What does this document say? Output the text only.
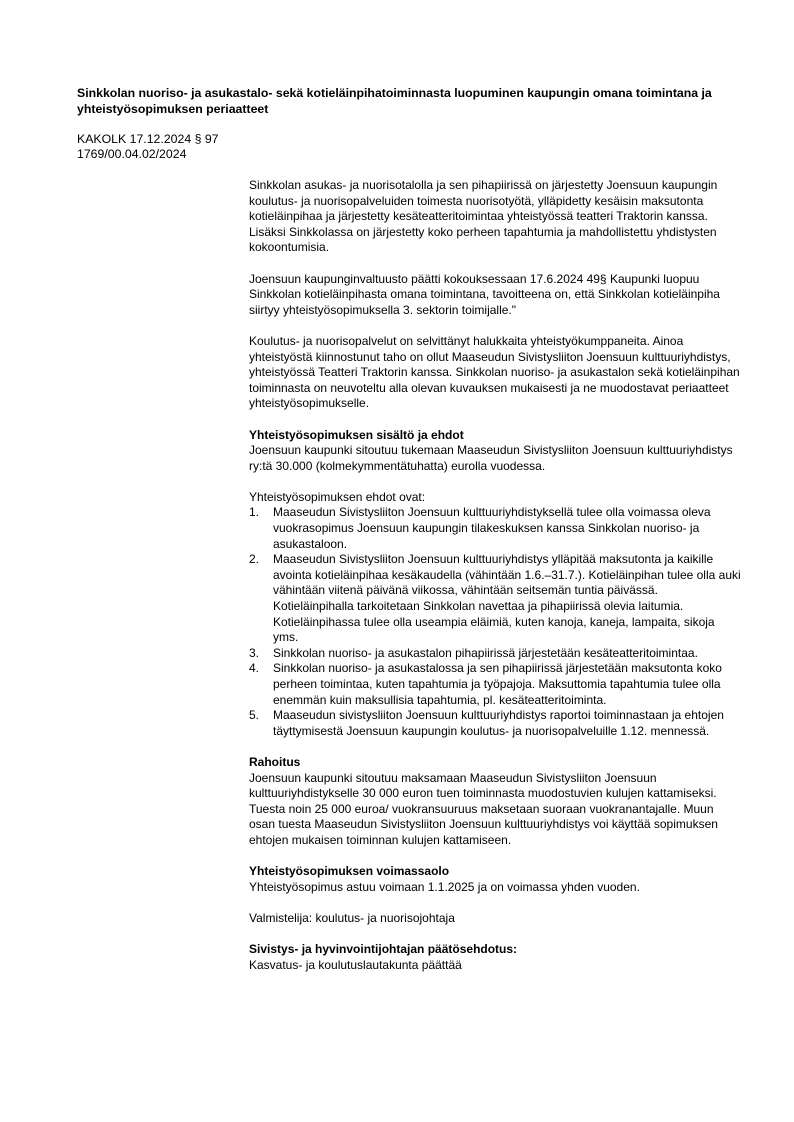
Sinkkolan nuoriso- ja asukastalo- sekä kotieläinpihatoiminnasta luopuminen kaupungin omana toimintana ja yhteistyösopimuksen periaatteet
KAKOLK 17.12.2024 § 97
1769/00.04.02/2024

Sinkkolan asukas- ja nuorisotalolla ja sen pihapiirissä on järjestetty Joensuun kaupungin koulutus- ja nuorisopalveluiden toimesta nuorisotyötä, ylläpidetty kesäisin maksutonta kotieläinpihaa ja järjestetty kesäteatteritoimintaa yhteistyössä teatteri Traktorin kanssa. Lisäksi Sinkkolassa on järjestetty koko perheen tapahtumia ja mahdollistettu yhdistysten kokoontumisia.

Joensuun kaupunginvaltuusto päätti kokouksessaan 17.6.2024 49§ Kaupunki luopuu Sinkkolan kotieläinpihasta omana toimintana, tavoitteena on, että Sinkkolan kotieläinpiha siirtyy yhteistyösopimuksella 3. sektorin toimijalle."

Koulutus- ja nuorisopalvelut on selvittänyt halukkaita yhteistyökumppaneita. Ainoa yhteistyöstä kiinnostunut taho on ollut Maaseudun Sivistysliiton Joensuun kulttuuriyhdistys, yhteistyössä Teatteri Traktorin kanssa. Sinkkolan nuoriso- ja asukastalon sekä kotieläinpihan toiminnasta on neuvoteltu alla olevan kuvauksen mukaisesti ja ne muodostavat periaatteet yhteistyösopimukselle.

Yhteistyösopimuksen sisältö ja ehdot

Joensuun kaupunki sitoutuu tukemaan Maaseudun Sivistysliiton Joensuun kulttuuriyhdistys ry:tä 30.000 (kolmekymmentätuhatta) eurolla vuodessa.

Yhteistyösopimuksen ehdot ovat:

1. Maaseudun Sivistysliiton Joensuun kulttuuriyhdistyksellä tulee olla voimassa oleva vuokrasopimus Joensuun kaupungin tilakeskuksen kanssa Sinkkolan nuoriso- ja asukastaloon.
2. Maaseudun Sivistysliiton Joensuun kulttuuriyhdistys ylläpitää maksutonta ja kaikille avointa kotieläinpihaa kesäkaudella (vähintään 1.6.–31.7.). Kotieläinpihan tulee olla auki vähintään viitenä päivänä viikossa, vähintään seitsemän tuntia päivässä. Kotieläinpihalla tarkoitetaan Sinkkolan navettaa ja pihapiirissä olevia laitumia. Kotieläinpihassa tulee olla useampia eläimiä, kuten kanoja, kaneja, lampaita, sikoja yms.
3. Sinkkolan nuoriso- ja asukastalon pihapiirissä järjestetään kesäteatteritoimintaa.
4. Sinkkolan nuoriso- ja asukastalossa ja sen pihapiirissä järjestetään maksutonta koko perheen toimintaa, kuten tapahtumia ja työpajoja. Maksuttomia tapahtumia tulee olla enemmän kuin maksullisia tapahtumia, pl. kesäteatteritoiminta.
5. Maaseudun sivistysliiton Joensuun kulttuuriyhdistys raportoi toiminnastaan ja ehtojen täyttymisestä Joensuun kaupungin koulutus- ja nuorisopalveluille 1.12. mennessä.

Rahoitus

Joensuun kaupunki sitoutuu maksamaan Maaseudun Sivistysliiton Joensuun kulttuuriyhdistykselle 30 000 euron tuen toiminnasta muodostuvien kulujen kattamiseksi. Tuesta noin 25 000 euroa/ vuokransuuruus maksetaan suoraan vuokranantajalle. Muun osan tuesta Maaseudun Sivistysliiton Joensuun kulttuuriyhdistys voi käyttää sopimuksen ehtojen mukaisen toiminnan kulujen kattamiseen.

Yhteistyösopimuksen voimassaolo

Yhteistyösopimus astuu voimaan 1.1.2025 ja on voimassa yhden vuoden.

Valmistelija: koulutus- ja nuorisojohtaja

Sivistys- ja hyvinvointijohtajan päätösehdotus:

Kasvatus- ja koulutuslautakunta päättää
